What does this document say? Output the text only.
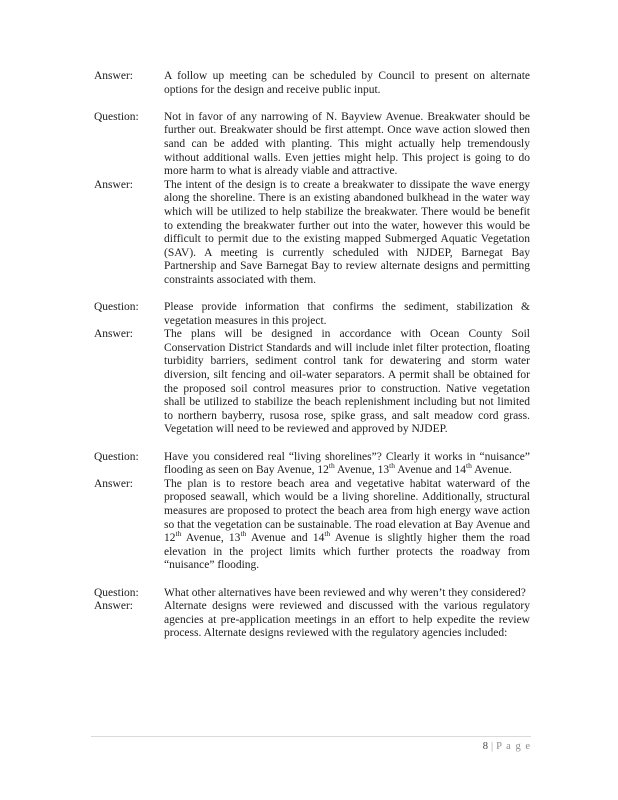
Answer:	A follow up meeting can be scheduled by Council to present on alternate options for the design and receive public input.
Question:	Not in favor of any narrowing of N. Bayview Avenue. Breakwater should be further out. Breakwater should be first attempt. Once wave action slowed then sand can be added with planting. This might actually help tremendously without additional walls. Even jetties might help. This project is going to do more harm to what is already viable and attractive.
Answer:	The intent of the design is to create a breakwater to dissipate the wave energy along the shoreline. There is an existing abandoned bulkhead in the water way which will be utilized to help stabilize the breakwater. There would be benefit to extending the breakwater further out into the water, however this would be difficult to permit due to the existing mapped Submerged Aquatic Vegetation (SAV). A meeting is currently scheduled with NJDEP, Barnegat Bay Partnership and Save Barnegat Bay to review alternate designs and permitting constraints associated with them.
Question:	Please provide information that confirms the sediment, stabilization & vegetation measures in this project.
Answer:	The plans will be designed in accordance with Ocean County Soil Conservation District Standards and will include inlet filter protection, floating turbidity barriers, sediment control tank for dewatering and storm water diversion, silt fencing and oil-water separators. A permit shall be obtained for the proposed soil control measures prior to construction. Native vegetation shall be utilized to stabilize the beach replenishment including but not limited to northern bayberry, rusosa rose, spike grass, and salt meadow cord grass. Vegetation will need to be reviewed and approved by NJDEP.
Question:	Have you considered real “living shorelines”? Clearly it works in “nuisance” flooding as seen on Bay Avenue, 12th Avenue, 13th Avenue and 14th Avenue.
Answer:	The plan is to restore beach area and vegetative habitat waterward of the proposed seawall, which would be a living shoreline. Additionally, structural measures are proposed to protect the beach area from high energy wave action so that the vegetation can be sustainable. The road elevation at Bay Avenue and 12th Avenue, 13th Avenue and 14th Avenue is slightly higher them the road elevation in the project limits which further protects the roadway from “nuisance” flooding.
Question:	What other alternatives have been reviewed and why weren’t they considered?
Answer:	Alternate designs were reviewed and discussed with the various regulatory agencies at pre-application meetings in an effort to help expedite the review process. Alternate designs reviewed with the regulatory agencies included:
8 | P a g e
